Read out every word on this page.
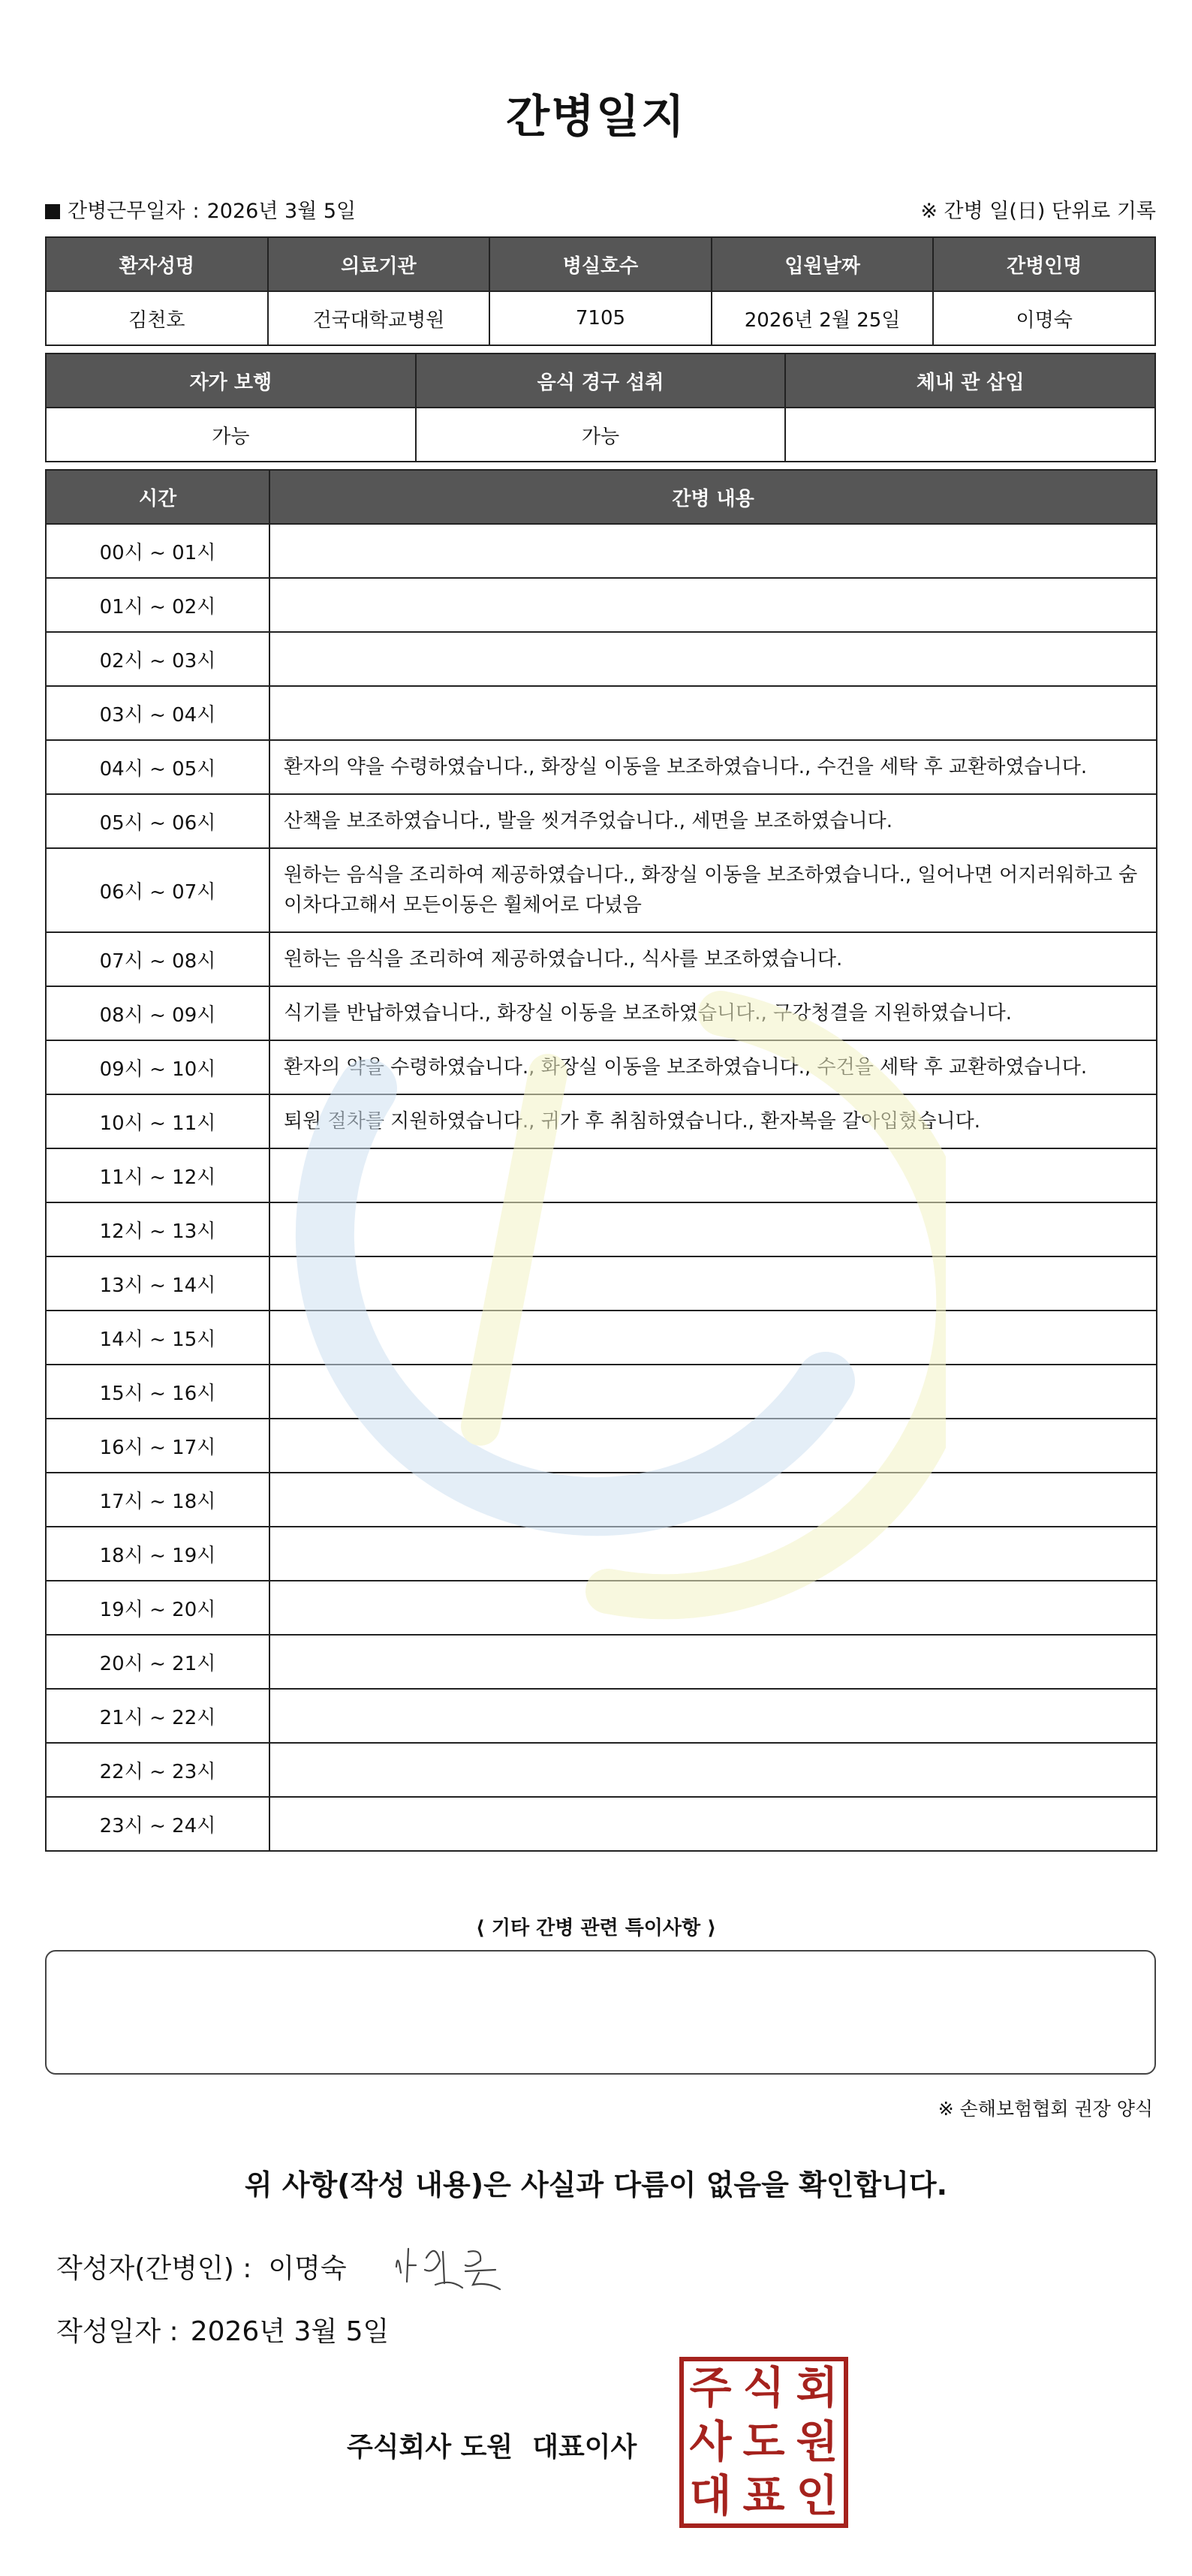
간병일지
간병근무일자 : 2026년 3월 5일	※ 간병 일(日) 단위로 기록
환자성명	의료기관	병실호수	입원날짜	간병인명
김천호	건국대학교병원	7105	2026년 2월 25일	이명숙
자가 보행	음식 경구 섭취	체내 관 삽입
가능	가능	
시간	간병 내용
00시 ~ 01시	
01시 ~ 02시	
02시 ~ 03시	
03시 ~ 04시	
04시 ~ 05시	환자의 약을 수령하였습니다., 화장실 이동을 보조하였습니다., 수건을 세탁 후 교환하였습니다.
05시 ~ 06시	산책을 보조하였습니다., 발을 씻겨주었습니다., 세면을 보조하였습니다.
06시 ~ 07시	원하는 음식을 조리하여 제공하였습니다., 화장실 이동을 보조하였습니다., 일어나면 어지러워하고 숨이차다고해서 모든이동은 휠체어로 다녔음
07시 ~ 08시	원하는 음식을 조리하여 제공하였습니다., 식사를 보조하였습니다.
08시 ~ 09시	식기를 반납하였습니다., 화장실 이동을 보조하였습니다., 구강청결을 지원하였습니다.
09시 ~ 10시	환자의 약을 수령하였습니다., 화장실 이동을 보조하였습니다., 수건을 세탁 후 교환하였습니다.
10시 ~ 11시	퇴원 절차를 지원하였습니다., 귀가 후 취침하였습니다., 환자복을 갈아입혔습니다.
11시 ~ 12시	
12시 ~ 13시	
13시 ~ 14시	
14시 ~ 15시	
15시 ~ 16시	
16시 ~ 17시	
17시 ~ 18시	
18시 ~ 19시	
19시 ~ 20시	
20시 ~ 21시	
21시 ~ 22시	
22시 ~ 23시	
23시 ~ 24시	
⟨ 기타 간병 관련 특이사항 ⟩
※ 손해보험협회 권장 양식
위 사항(작성 내용)은 사실과 다름이 없음을 확인합니다.
작성자(간병인) : 이명숙
작성일자 : 2026년 3월 5일
주식회사 도원 대표이사
주 식 회
사 도 원
대 표 인
